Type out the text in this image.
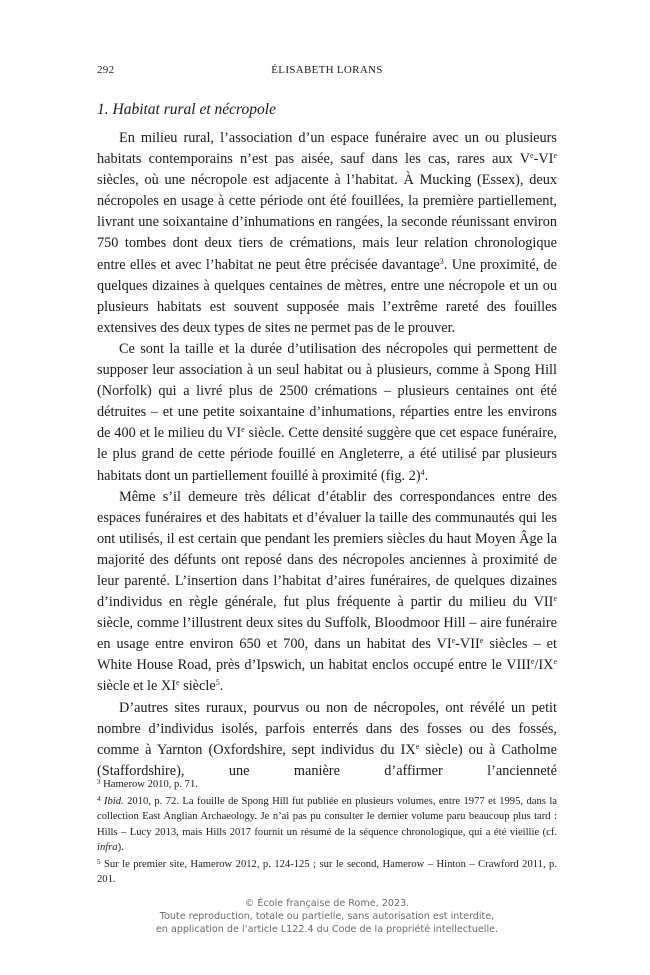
292	ÉLISABETH LORANS
1. Habitat rural et nécropole

En milieu rural, l’association d’un espace funéraire avec un ou plusieurs habitats contemporains n’est pas aisée, sauf dans les cas, rares aux Ve-VIe siècles, où une nécropole est adjacente à l’habitat. À Mucking (Essex), deux nécropoles en usage à cette période ont été fouillées, la première partiellement, livrant une soixantaine d’inhumations en rangées, la seconde réunissant environ 750 tombes dont deux tiers de crémations, mais leur relation chronologique entre elles et avec l’habitat ne peut être précisée davantage$^3$. Une proximité, de quelques dizaines à quelques centaines de mètres, entre une nécropole et un ou plusieurs habitats est souvent supposée mais l’extrême rareté des fouilles extensives des deux types de sites ne permet pas de le prouver.

Ce sont la taille et la durée d’utilisation des nécropoles qui permettent de supposer leur association à un seul habitat ou à plusieurs, comme à Spong Hill (Norfolk) qui a livré plus de 2500 crémations – plusieurs centaines ont été détruites – et une petite soixantaine d’inhumations, réparties entre les environs de 400 et le milieu du VIe siècle. Cette densité suggère que cet espace funéraire, le plus grand de cette période fouillé en Angleterre, a été utilisé par plusieurs habitats dont un partiellement fouillé à proximité (fig. 2)$^4$.

Même s’il demeure très délicat d’établir des correspondances entre des espaces funéraires et des habitats et d’évaluer la taille des communautés qui les ont utilisés, il est certain que pendant les premiers siècles du haut Moyen Âge la majorité des défunts ont reposé dans des nécropoles anciennes à proximité de leur parenté. L’insertion dans l’habitat d’aires funéraires, de quelques dizaines d’individus en règle générale, fut plus fréquente à partir du milieu du VIIe siècle, comme l’illustrent deux sites du Suffolk, Bloodmoor Hill – aire funéraire en usage entre environ 650 et 700, dans un habitat des VIe-VIIe siècles – et White House Road, près d’Ipswich, un habitat enclos occupé entre le VIIIe/IXe siècle et le XIe siècle$^5$.

D’autres sites ruraux, pourvus ou non de nécropoles, ont révélé un petit nombre d’individus isolés, parfois enterrés dans des fosses ou des fossés, comme à Yarnton (Oxfordshire, sept individus du IXe siècle) ou à Catholme (Staffordshire), une manière d’affirmer l’ancienneté

$^3$ Hamerow 2010, p. 71.

$^4$ Ibid. 2010, p. 72. La fouille de Spong Hill fut publiée en plusieurs volumes, entre 1977 et 1995, dans la collection East Anglian Archaeology. Je n’ai pas pu consulter le dernier volume paru beaucoup plus tard : Hills – Lucy 2013, mais Hills 2017 fournit un résumé de la séquence chronologique, qui a été vieillie (cf. infra).

$^5$ Sur le premier site, Hamerow 2012, p. 124-125 ; sur le second, Hamerow – Hinton – Crawford 2011, p. 201.

© École française de Rome, 2023.
Toute reproduction, totale ou partielle, sans autorisation est interdite,
en application de l’article L122.4 du Code de la propriété intellectuelle.
